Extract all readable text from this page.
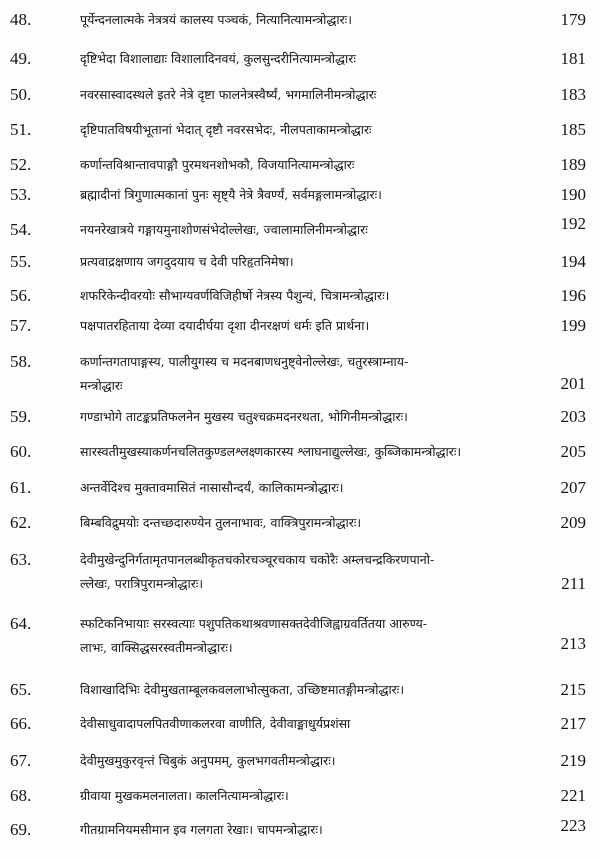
48.	पूर्येन्दनलात्मके नेत्रत्रयं कालस्य पञ्चकं, नित्यानित्यामन्त्रोद्धारः।	179
49.	दृष्टिभेदा विशालाद्याः विशालादिनवयं, कुलसुन्दरीनित्यामन्त्रोद्धारः	181
50.	नवरसास्वादस्थले इतरे नेत्रे दृष्टा फालनेत्रस्वैर्ष्यं, भगमालिनीमन्त्रोद्धारः	183
51.	दृष्टिपातविषयीभूतानां भेदात् दृष्टौ नवरसभेदः, नीलपताकामन्त्रोद्धारः	185
52.	कर्णान्तविश्रान्तावपाङ्गौ पुरमथनशोभकौ, विजयानित्यामन्त्रोद्धारः	189
53.	ब्रह्मादीनां त्रिगुणात्मकानां पुनः सृष्ट्यै नेत्रे त्रैवर्ण्यं, सर्वमङ्गलामन्त्रोद्धारः।	190
54.	नयनरेखात्रये गङ्गायमुनाशोणसंभेदोल्लेखः, ज्वालामालिनीमन्त्रोद्धारः	192
55.	प्रत्यवाद्रक्षणाय जगदुदयाय च देवी परिहृतनिमेषा।	194
56.	शफरिकेन्दीवरयोः सौभाग्यवर्णविजिहीर्षो नेत्रस्य पैशुन्यं, चित्रामन्त्रोद्धारः।	196
57.	पक्षपातरहिताया देव्या दयादीर्घया दृशा दीनरक्षणं धर्मः इति प्रार्थना।	199
58.	कर्णान्तगतापाङ्गस्य, पालीयुगस्य च मदनबाणधनुष्ट्वेनोल्लेखः, चतुरस्त्राम्नाय-
मन्त्रोद्धारः	201
59.	गण्डाभोगे ताटङ्कप्रतिफलनेन मुखस्य चतुश्चक्रमदनरथता, भोगिनीमन्त्रोद्धारः।	203
60.	सारस्वतीमुखस्याकर्णनचलितकुण्डलश्लक्ष्णकारस्य श्लाघनाद्युल्लेखः, कुब्जिकामन्त्रोद्धारः।	205
61.	अन्तर्वेदिश्च मुक्तावमासितं नासासौन्दर्यं, कालिकामन्त्रोद्धारः।	207
62.	बिम्बविद्रुमयोः दन्तच्छदारुण्येन तुलनाभावः, वाक्त्रिपुरामन्त्रोद्धारः।	209
63.	देवीमुखेन्दुनिर्गतामृतपानलब्धीकृतचकोरचञ्चूरचकाय चकोरैः अम्लचन्द्रकिरणपानो-
ल्लेखः, परात्रिपुरामन्त्रोद्धारः।	211
64.	स्फटिकनिभायाः सरस्वत्याः पशुपतिकथाश्रवणासक्तदेवीजिह्वाग्रवर्तितया आरुण्य-
लाभः, वाक्सिद्धसरस्वतीमन्त्रोद्धारः।	213
65.	विशाखादिभिः देवीमुखताम्बूलकवललाभोत्सुकता, उच्छिष्टमातङ्गीमन्त्रोद्धारः।	215
66.	देवीसाधुवादापलपितवीणाकलरवा वाणीति, देवीवाङ्माधुर्यप्रशंसा	217
67.	देवीमुखमुकुरवृन्तं चिबुकं अनुपमम्, कुलभगवतीमन्त्रोद्धारः।	219
68.	ग्रीवाया मुखकमलनालता। कालनित्यामन्त्रोद्धारः।	221
69.	गीतग्रामनियमसीमान इव गलगता रेखाः। चापमन्त्रोद्धारः।	223
